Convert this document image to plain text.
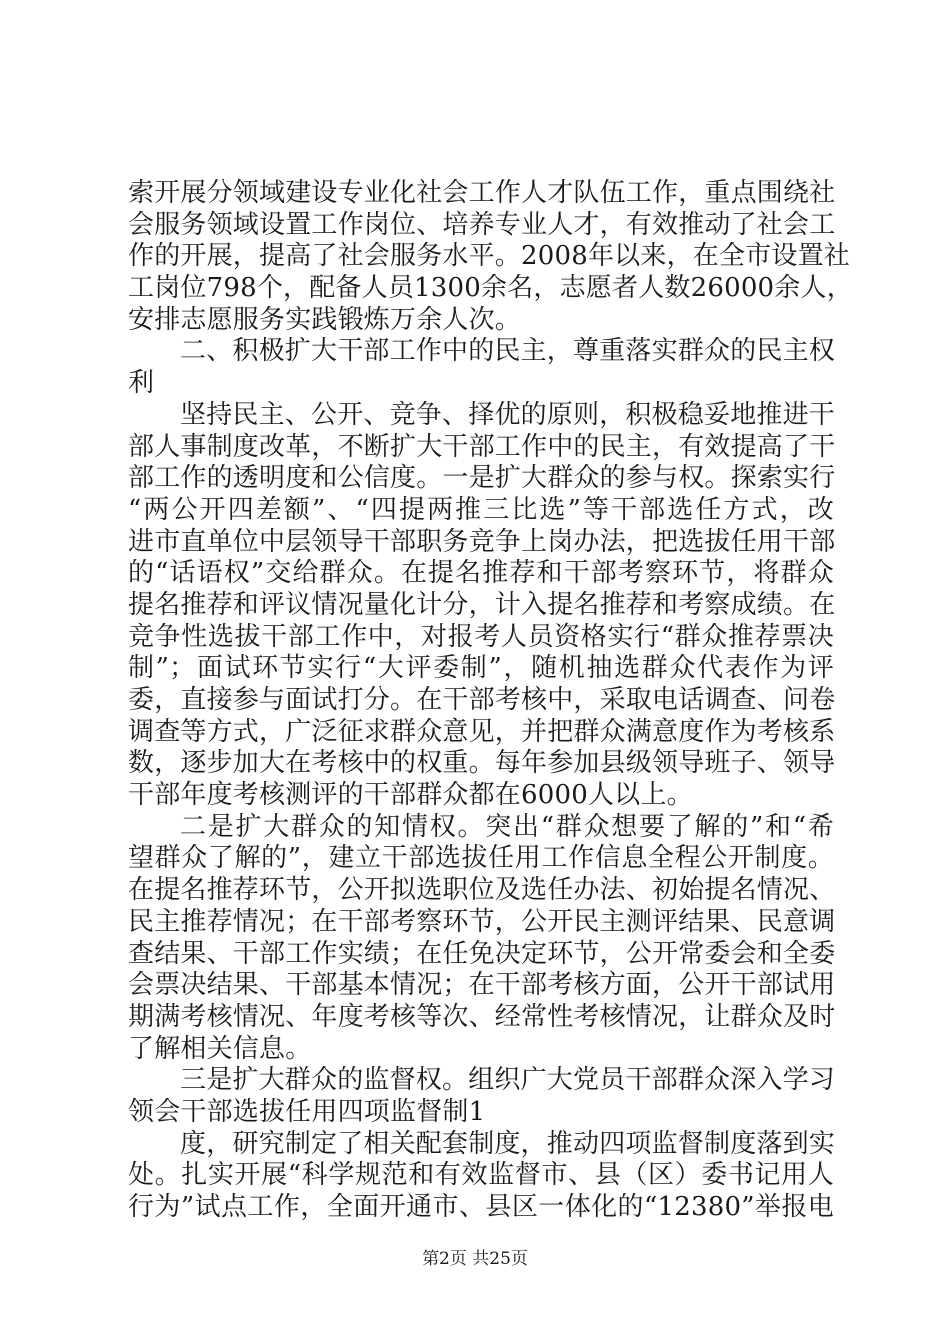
索开展分领域建设专业化社会工作人才队伍工作，重点围绕社
会服务领域设置工作岗位、培养专业人才，有效推动了社会工
作的开展，提高了社会服务水平。2008年以来，在全市设置社
工岗位798个，配备人员1300余名，志愿者人数26000余人，
安排志愿服务实践锻炼万余人次。
二、积极扩大干部工作中的民主，尊重落实群众的民主权
利
坚持民主、公开、竞争、择优的原则，积极稳妥地推进干
部人事制度改革，不断扩大干部工作中的民主，有效提高了干
部工作的透明度和公信度。一是扩大群众的参与权。探索实行
“两公开四差额”、“四提两推三比选”等干部选任方式，改
进市直单位中层领导干部职务竞争上岗办法，把选拔任用干部
的“话语权”交给群众。在提名推荐和干部考察环节，将群众
提名推荐和评议情况量化计分，计入提名推荐和考察成绩。在
竞争性选拔干部工作中，对报考人员资格实行“群众推荐票决
制”；面试环节实行“大评委制”，随机抽选群众代表作为评
委，直接参与面试打分。在干部考核中，采取电话调查、问卷
调查等方式，广泛征求群众意见，并把群众满意度作为考核系
数，逐步加大在考核中的权重。每年参加县级领导班子、领导
干部年度考核测评的干部群众都在6000人以上。
二是扩大群众的知情权。突出“群众想要了解的”和“希
望群众了解的”，建立干部选拔任用工作信息全程公开制度。
在提名推荐环节，公开拟选职位及选任办法、初始提名情况、
民主推荐情况；在干部考察环节，公开民主测评结果、民意调
查结果、干部工作实绩；在任免决定环节，公开常委会和全委
会票决结果、干部基本情况；在干部考核方面，公开干部试用
期满考核情况、年度考核等次、经常性考核情况，让群众及时
了解相关信息。
三是扩大群众的监督权。组织广大党员干部群众深入学习
领会干部选拔任用四项监督制1
度，研究制定了相关配套制度，推动四项监督制度落到实
处。扎实开展“科学规范和有效监督市、县（区）委书记用人
行为”试点工作，全面开通市、县区一体化的“12380”举报电
第2页 共25页
